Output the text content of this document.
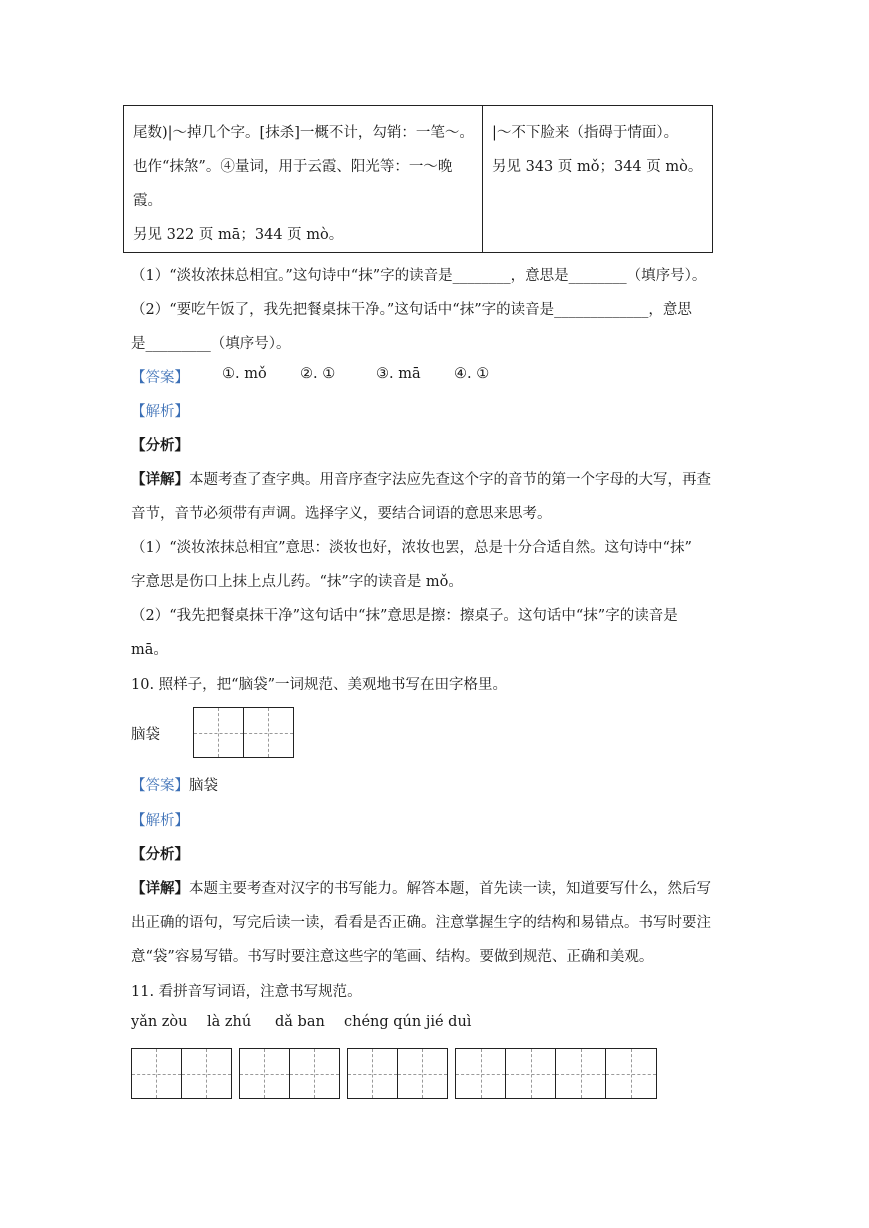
尾数)|～掉几个字。[抹杀]一概不计，勾销：一笔～。
也作“抹煞”。④量词，用于云霞、阳光等：一～晚
霞。
另见 322 页 mā；344 页 mò。
|～不下脸来（指碍于情面）。
另见 343 页 mǒ；344 页 mò。
（1）“淡妆浓抹总相宜。”这句诗中“抹”字的读音是________，意思是________（填序号）。
（2）“要吃午饭了，我先把餐桌抹干净。”这句话中“抹”字的读音是_____________，意思
是_________（填序号）。
【答案】 ①. mǒ ②. ①	③. mā ④. ①
【解析】
【分析】
【详解】本题考查了查字典。用音序查字法应先查这个字的音节的第一个字母的大写，再查
音节，音节必须带有声调。选择字义，要结合词语的意思来思考。
（1）“淡妆浓抹总相宜”意思：淡妆也好，浓妆也罢，总是十分合适自然。这句诗中“抹”
字意思是伤口上抹上点儿药。“抹”字的读音是 mǒ。
（2）“我先把餐桌抹干净”这句话中“抹”意思是擦：擦桌子。这句话中“抹”字的读音是
mā。
10. 照样子，把“脑袋”一词规范、美观地书写在田字格里。
脑袋
【答案】脑袋
【解析】
【分析】
【详解】本题主要考查对汉字的书写能力。解答本题，首先读一读，知道要写什么，然后写
出正确的语句，写完后读一读，看看是否正确。注意掌握生字的结构和易错点。书写时要注
意“袋”容易写错。书写时要注意这些字的笔画、结构。要做到规范、正确和美观。
11. 看拼音写词语，注意书写规范。
yǎn zòu là zhú dǎ ban chéng qún jié duì
